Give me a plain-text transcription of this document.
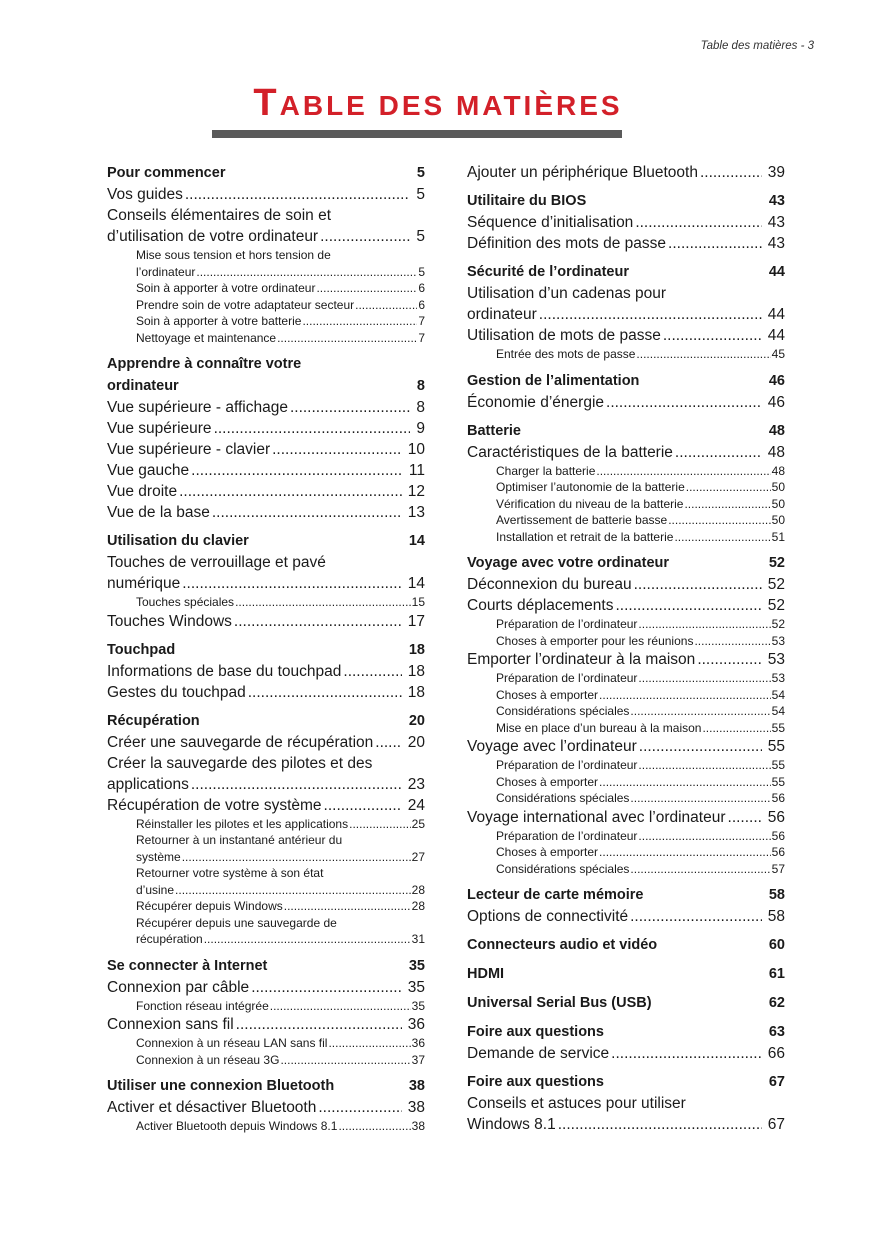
Table des matières - 3
TABLE DES MATIÈRES
Pour commencer	5
Vos guides .....	5
Conseils élémentaires de soin et
d’utilisation de votre ordinateur .....	5
Mise sous tension et hors tension de
l’ordinateur .....	5
Soin à apporter à votre ordinateur .....	6
Prendre soin de votre adaptateur secteur .....	6
Soin à apporter à votre batterie .....	7
Nettoyage et maintenance .....	7
Apprendre à connaître votre
ordinateur	8
Vue supérieure - affichage .....	8
Vue supérieure .....	9
Vue supérieure - clavier .....	10
Vue gauche .....	11
Vue droite .....	12
Vue de la base .....	13
Utilisation du clavier	14
Touches de verrouillage et pavé
numérique .....	14
Touches spéciales .....	15
Touches Windows .....	17
Touchpad	18
Informations de base du touchpad .....	18
Gestes du touchpad .....	18
Récupération	20
Créer une sauvegarde de récupération ..... 20
Créer la sauvegarde des pilotes et des
applications .....	23
Récupération de votre système .....	24
Réinstaller les pilotes et les applications .....	25
Retourner à un instantané antérieur du
système .....	27
Retourner votre système à son état
d’usine .....	28
Récupérer depuis Windows .....	28
Récupérer depuis une sauvegarde de
récupération .....	31
Se connecter à Internet	35
Connexion par câble .....	35
Fonction réseau intégrée .....	35
Connexion sans fil .....	36
Connexion à un réseau LAN sans fil .....	36
Connexion à un réseau 3G .....	37
Utiliser une connexion Bluetooth	38
Activer et désactiver Bluetooth .....	38
Activer Bluetooth depuis Windows 8.1 .....	38
Ajouter un périphérique Bluetooth .....	39
Utilitaire du BIOS	43
Séquence d’initialisation .....	43
Définition des mots de passe .....	43
Sécurité de l’ordinateur	44
Utilisation d’un cadenas pour
ordinateur .....	44
Utilisation de mots de passe .....	44
Entrée des mots de passe .....	45
Gestion de l’alimentation	46
Économie d’énergie .....	46
Batterie	48
Caractéristiques de la batterie .....	48
Charger la batterie .....	48
Optimiser l’autonomie de la batterie .....	50
Vérification du niveau de la batterie .....	50
Avertissement de batterie basse .....	50
Installation et retrait de la batterie .....	51
Voyage avec votre ordinateur	52
Déconnexion du bureau .....	52
Courts déplacements .....	52
Préparation de l’ordinateur .....	52
Choses à emporter pour les réunions .....	53
Emporter l’ordinateur à la maison .....	53
Préparation de l’ordinateur .....	53
Choses à emporter .....	54
Considérations spéciales .....	54
Mise en place d’un bureau à la maison .....	55
Voyage avec l’ordinateur .....	55
Préparation de l’ordinateur .....	55
Choses à emporter .....	55
Considérations spéciales .....	56
Voyage international avec l’ordinateur .....	56
Préparation de l’ordinateur .....	56
Choses à emporter .....	56
Considérations spéciales .....	57
Lecteur de carte mémoire	58
Options de connectivité .....	58
Connecteurs audio et vidéo	60
HDMI	61
Universal Serial Bus (USB)	62
Foire aux questions	63
Demande de service .....	66
Foire aux questions	67
Conseils et astuces pour utiliser
Windows 8.1 .....	67
